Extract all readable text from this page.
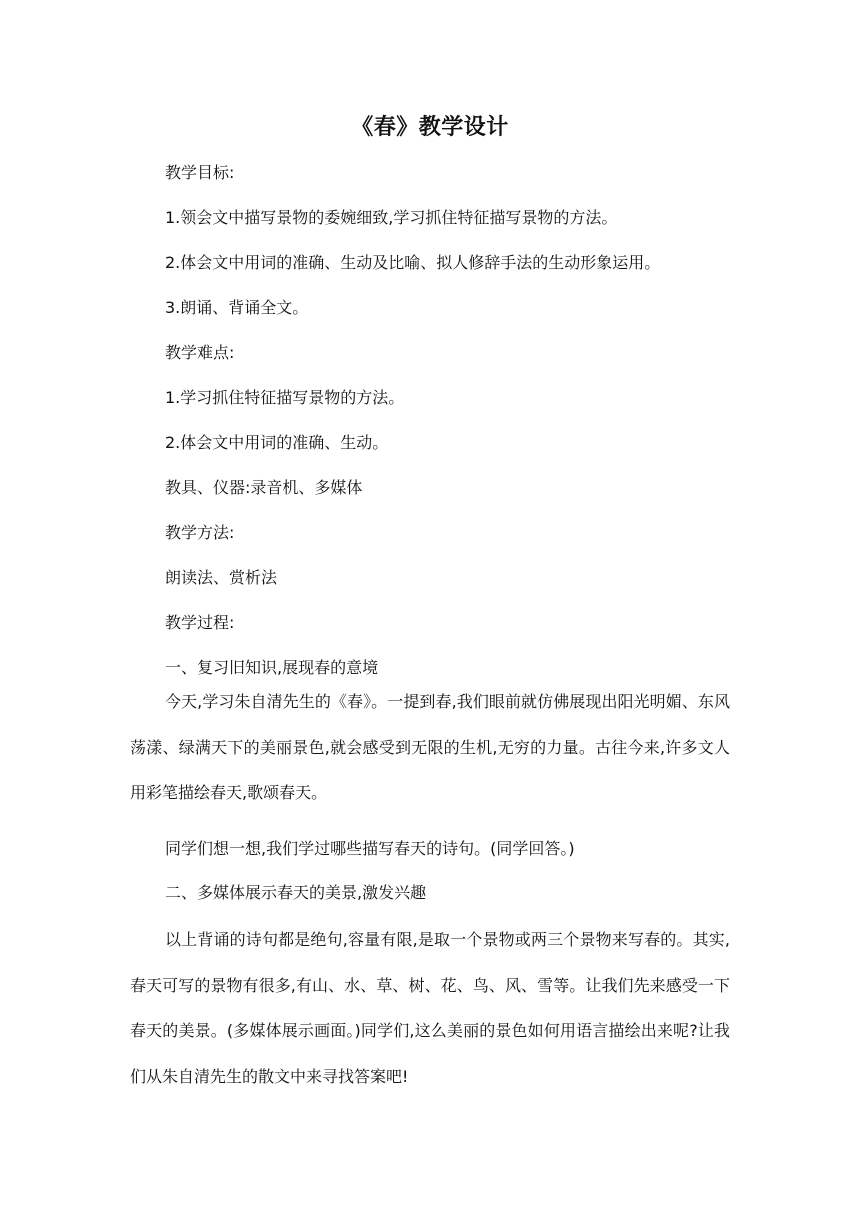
《春》教学设计
教学目标:
1.领会文中描写景物的委婉细致,学习抓住特征描写景物的方法。
2.体会文中用词的准确、生动及比喻、拟人修辞手法的生动形象运用。
3.朗诵、背诵全文。
教学难点:
1.学习抓住特征描写景物的方法。
2.体会文中用词的准确、生动。
教具、仪器:录音机、多媒体
教学方法:
朗读法、赏析法
教学过程:
一、复习旧知识,展现春的意境
今天,学习朱自清先生的《春》。一提到春,我们眼前就仿佛展现出阳光明媚、东风荡漾、绿满天下的美丽景色,就会感受到无限的生机,无穷的力量。古往今来,许多文人用彩笔描绘春天,歌颂春天。
同学们想一想,我们学过哪些描写春天的诗句。(同学回答。)
二、多媒体展示春天的美景,激发兴趣
以上背诵的诗句都是绝句,容量有限,是取一个景物或两三个景物来写春的。其实,春天可写的景物有很多,有山、水、草、树、花、鸟、风、雪等。让我们先来感受一下春天的美景。(多媒体展示画面。)同学们,这么美丽的景色如何用语言描绘出来呢?让我们从朱自清先生的散文中来寻找答案吧!
